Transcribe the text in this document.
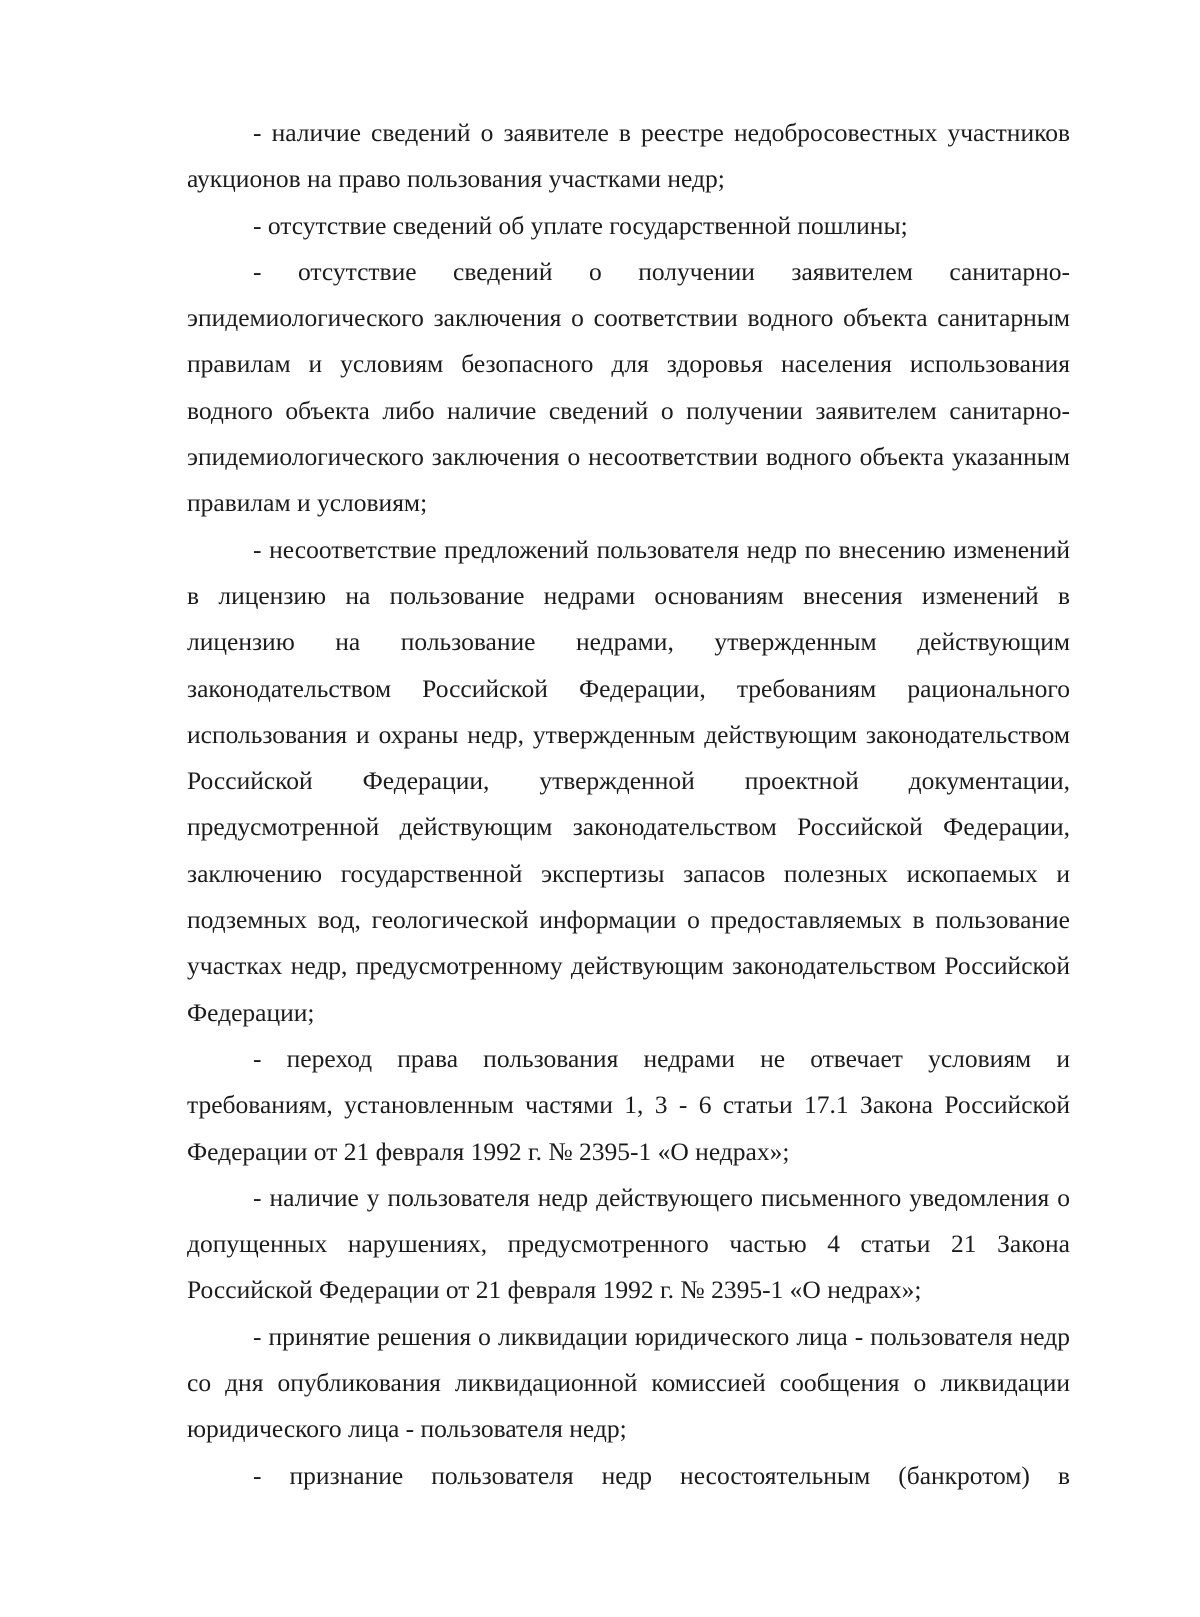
- наличие сведений о заявителе в реестре недобросовестных участников аукционов на право пользования участками недр;

- отсутствие сведений об уплате государственной пошлины;

- отсутствие сведений о получении заявителем санитарно-эпидемиологического заключения о соответствии водного объекта санитарным правилам и условиям безопасного для здоровья населения использования водного объекта либо наличие сведений о получении заявителем санитарно-эпидемиологического заключения о несоответствии водного объекта указанным правилам и условиям;

- несоответствие предложений пользователя недр по внесению изменений в лицензию на пользование недрами основаниям внесения изменений в лицензию на пользование недрами, утвержденным действующим законодательством Российской Федерации, требованиям рационального использования и охраны недр, утвержденным действующим законодательством Российской Федерации, утвержденной проектной документации, предусмотренной действующим законодательством Российской Федерации, заключению государственной экспертизы запасов полезных ископаемых и подземных вод, геологической информации о предоставляемых в пользование участках недр, предусмотренному действующим законодательством Российской Федерации;

- переход права пользования недрами не отвечает условиям и требованиям, установленным частями 1, 3 - 6 статьи 17.1 Закона Российской Федерации от 21 февраля 1992 г. № 2395-1 «О недрах»;

- наличие у пользователя недр действующего письменного уведомления о допущенных нарушениях, предусмотренного частью 4 статьи 21 Закона Российской Федерации от 21 февраля 1992 г. № 2395-1 «О недрах»;

- принятие решения о ликвидации юридического лица - пользователя недр со дня опубликования ликвидационной комиссией сообщения о ликвидации юридического лица - пользователя недр;

- признание пользователя недр несостоятельным (банкротом) в
